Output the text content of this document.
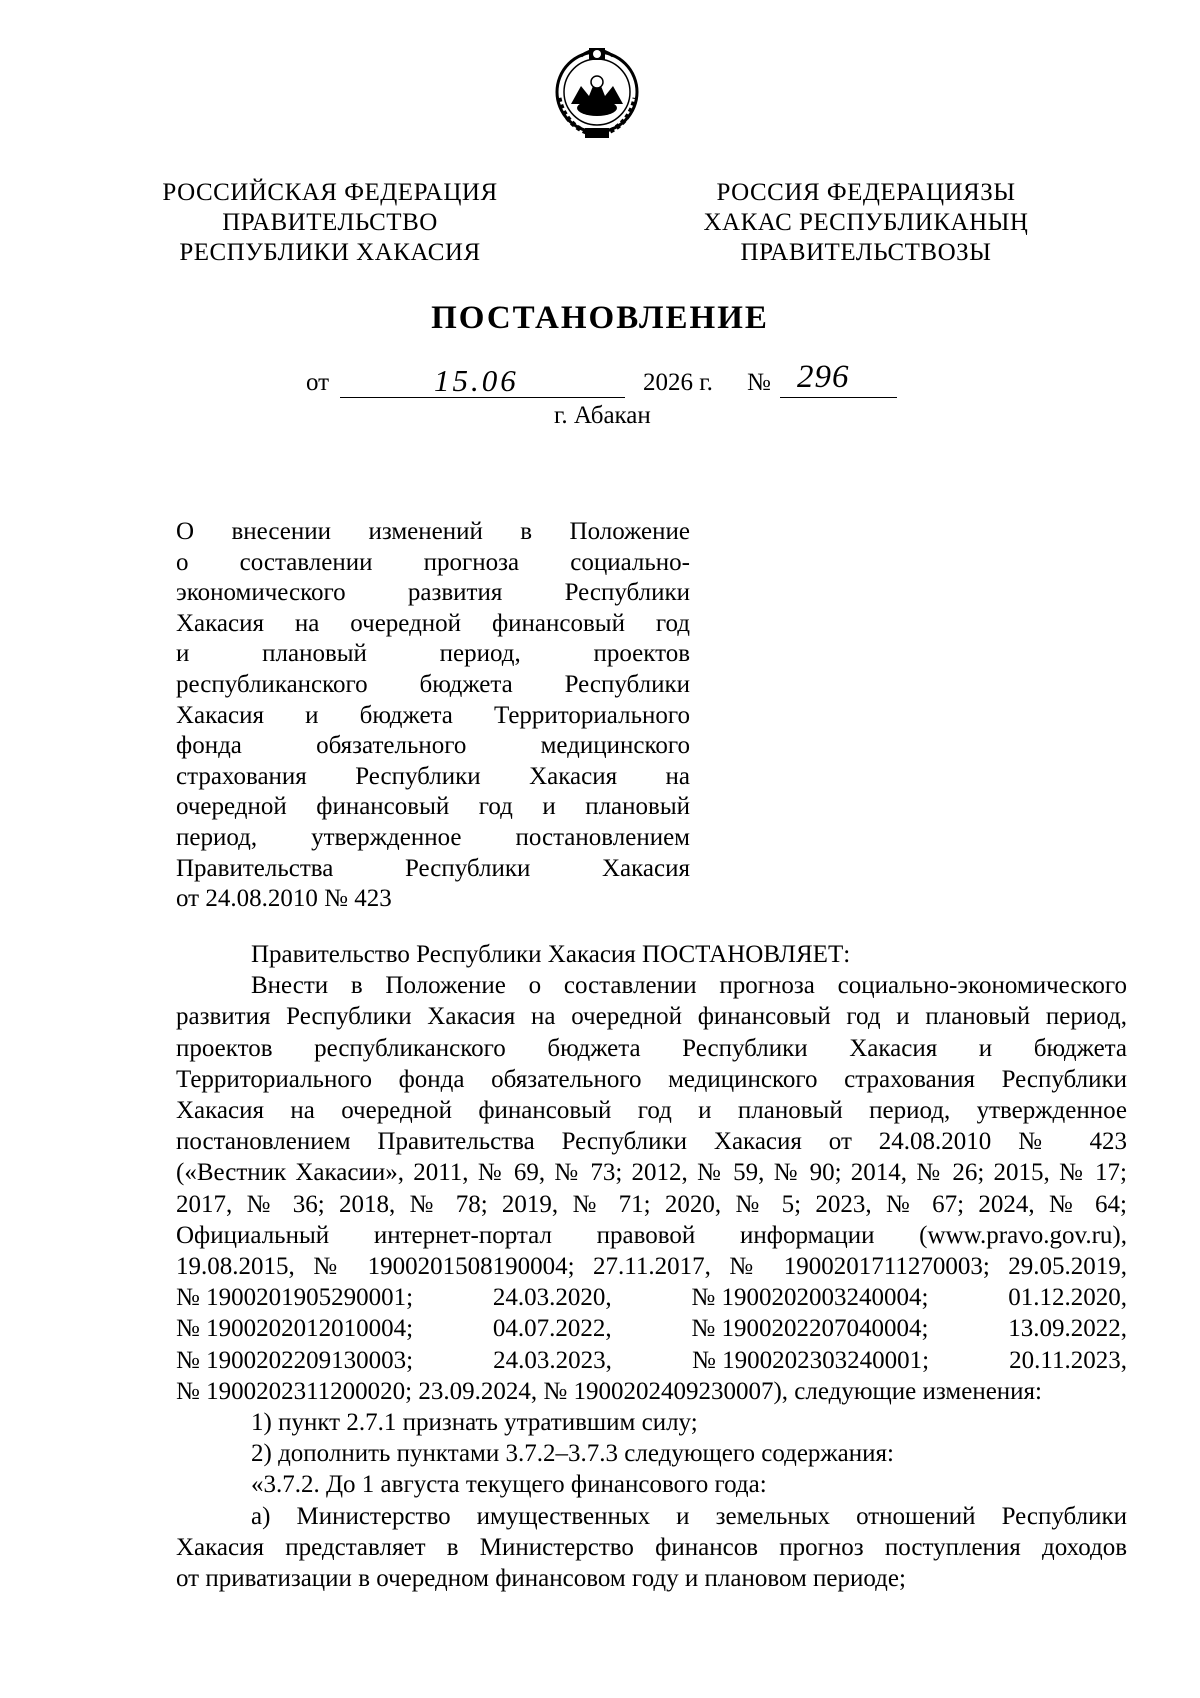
РОССИЙСКАЯ ФЕДЕРАЦИЯ
ПРАВИТЕЛЬСТВО
РЕСПУБЛИКИ ХАКАСИЯ
РОССИЯ ФЕДЕРАЦИЯЗЫ
ХАКАС РЕСПУБЛИКАНЫҢ
ПРАВИТЕЛЬСТВОЗЫ
ПОСТАНОВЛЕНИЕ
от	15.06	2026 г. № 296
г. Абакан
О внесении изменений в Положение
о составлении прогноза социально-
экономического развития Республики
Хакасия на очередной финансовый год
и плановый период, проектов
республиканского бюджета Республики
Хакасия и бюджета Территориального
фонда обязательного медицинского
страхования Республики Хакасия на
очередной финансовый год и плановый
период, утвержденное постановлением
Правительства Республики Хакасия
от 24.08.2010 № 423
Правительство Республики Хакасия ПОСТАНОВЛЯЕТ:
Внести в Положение о составлении прогноза социально-экономического
развития Республики Хакасия на очередной финансовый год и плановый период,
проектов республиканского бюджета Республики Хакасия и бюджета
Территориального фонда обязательного медицинского страхования Республики
Хакасия на очередной финансовый год и плановый период, утвержденное
постановлением Правительства Республики Хакасия от 24.08.2010 № 423
(«Вестник Хакасии», 2011, № 69, № 73; 2012, № 59, № 90; 2014, № 26; 2015, № 17;
2017, № 36; 2018, № 78; 2019, № 71; 2020, № 5; 2023, № 67; 2024, № 64;
Официальный интернет-портал правовой информации (www.pravo.gov.ru),
19.08.2015, № 1900201508190004; 27.11.2017, № 1900201711270003; 29.05.2019,
№ 1900201905290001;	24.03.2020,	№ 1900202003240004;	01.12.2020,
№ 1900202012010004;	04.07.2022,	№ 1900202207040004;	13.09.2022,
№ 1900202209130003;	24.03.2023,	№ 1900202303240001;	20.11.2023,
№ 1900202311200020; 23.09.2024, № 1900202409230007), следующие изменения:
1) пункт 2.7.1 признать утратившим силу;
2) дополнить пунктами 3.7.2–3.7.3 следующего содержания:
«3.7.2. До 1 августа текущего финансового года:
а) Министерство имущественных и земельных отношений Республики
Хакасия представляет в Министерство финансов прогноз поступления доходов
от приватизации в очередном финансовом году и плановом периоде;
